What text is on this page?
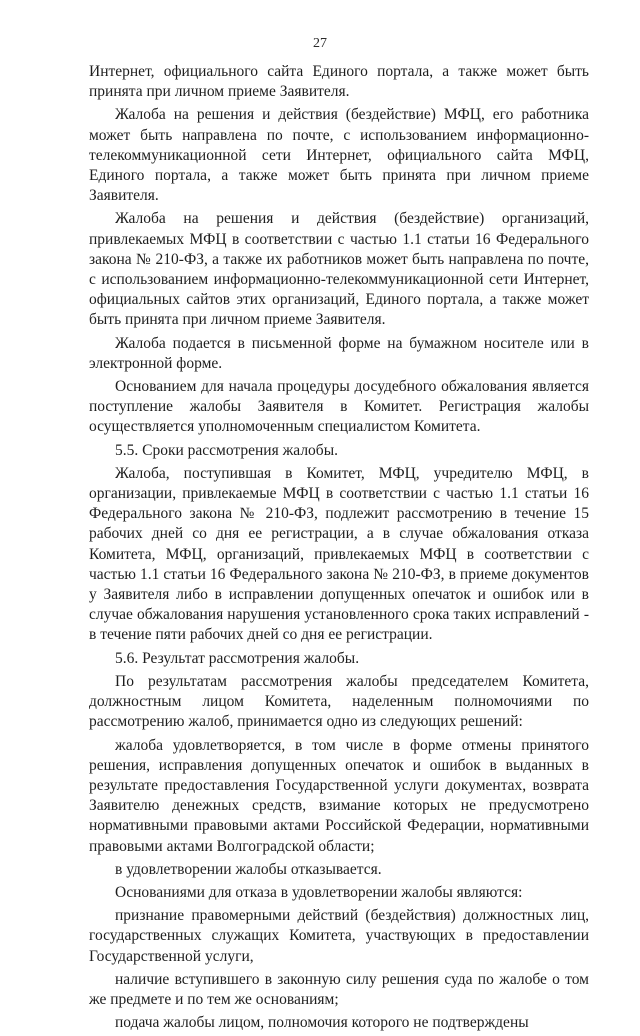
27

Интернет, официального сайта Единого портала, а также может быть принята при личном приеме Заявителя.

Жалоба на решения и действия (бездействие) МФЦ, его работника может быть направлена по почте, с использованием информационно-телекоммуникационной сети Интернет, официального сайта МФЦ, Единого портала, а также может быть принята при личном приеме Заявителя.

Жалоба на решения и действия (бездействие) организаций, привлекаемых МФЦ в соответствии с частью 1.1 статьи 16 Федерального закона № 210-ФЗ, а также их работников может быть направлена по почте, с использованием информационно-телекоммуникационной сети Интернет, официальных сайтов этих организаций, Единого портала, а также может быть принята при личном приеме Заявителя.

Жалоба подается в письменной форме на бумажном носителе или в электронной форме.

Основанием для начала процедуры досудебного обжалования является поступление жалобы Заявителя в Комитет. Регистрация жалобы осуществляется уполномоченным специалистом Комитета.

5.5. Сроки рассмотрения жалобы.

Жалоба, поступившая в Комитет, МФЦ, учредителю МФЦ, в организации, привлекаемые МФЦ в соответствии с частью 1.1 статьи 16 Федерального закона № 210-ФЗ, подлежит рассмотрению в течение 15 рабочих дней со дня ее регистрации, а в случае обжалования отказа Комитета, МФЦ, организаций, привлекаемых МФЦ в соответствии с частью 1.1 статьи 16 Федерального закона № 210-ФЗ, в приеме документов у Заявителя либо в исправлении допущенных опечаток и ошибок или в случае обжалования нарушения установленного срока таких исправлений - в течение пяти рабочих дней со дня ее регистрации.

5.6. Результат рассмотрения жалобы.

По результатам рассмотрения жалобы председателем Комитета, должностным лицом Комитета, наделенным полномочиями по рассмотрению жалоб, принимается одно из следующих решений:

жалоба удовлетворяется, в том числе в форме отмены принятого решения, исправления допущенных опечаток и ошибок в выданных в результате предоставления Государственной услуги документах, возврата Заявителю денежных средств, взимание которых не предусмотрено нормативными правовыми актами Российской Федерации, нормативными правовыми актами Волгоградской области;

в удовлетворении жалобы отказывается.

Основаниями для отказа в удовлетворении жалобы являются:

признание правомерными действий (бездействия) должностных лиц, государственных служащих Комитета, участвующих в предоставлении Государственной услуги,

наличие вступившего в законную силу решения суда по жалобе о том же предмете и по тем же основаниям;

подача жалобы лицом, полномочия которого не подтверждены
